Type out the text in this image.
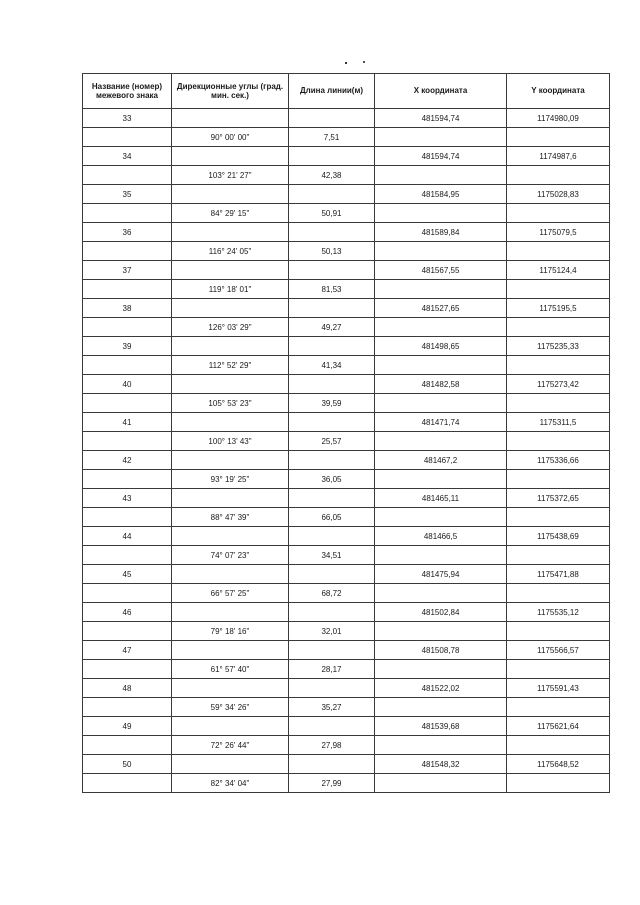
Название (номер) межевого знака	Дирекционные углы (град. мин. сек.)	Длина линии(м)	X координата	Y координата
33			481594,74	1174980,09
	90° 00' 00"	7,51		
34			481594,74	1174987,6
	103° 21' 27"	42,38		
35			481584,95	1175028,83
	84° 29' 15"	50,91		
36			481589,84	1175079,5
	116° 24' 05"	50,13		
37			481567,55	1175124,4
	119° 18' 01"	81,53		
38			481527,65	1175195,5
	126° 03' 29"	49,27		
39			481498,65	1175235,33
	112° 52' 29"	41,34		
40			481482,58	1175273,42
	105° 53' 23"	39,59		
41			481471,74	1175311,5
	100° 13' 43"	25,57		
42			481467,2	1175336,66
	93° 19' 25"	36,05		
43			481465,11	1175372,65
	88° 47' 39"	66,05		
44			481466,5	1175438,69
	74° 07' 23"	34,51		
45			481475,94	1175471,88
	66° 57' 25"	68,72		
46			481502,84	1175535,12
	79° 18' 16"	32,01		
47			481508,78	1175566,57
	61° 57' 40"	28,17		
48			481522,02	1175591,43
	59° 34' 26"	35,27		
49			481539,68	1175621,64
	72° 26' 44"	27,98		
50			481548,32	1175648,52
	82° 34' 04"	27,99		
